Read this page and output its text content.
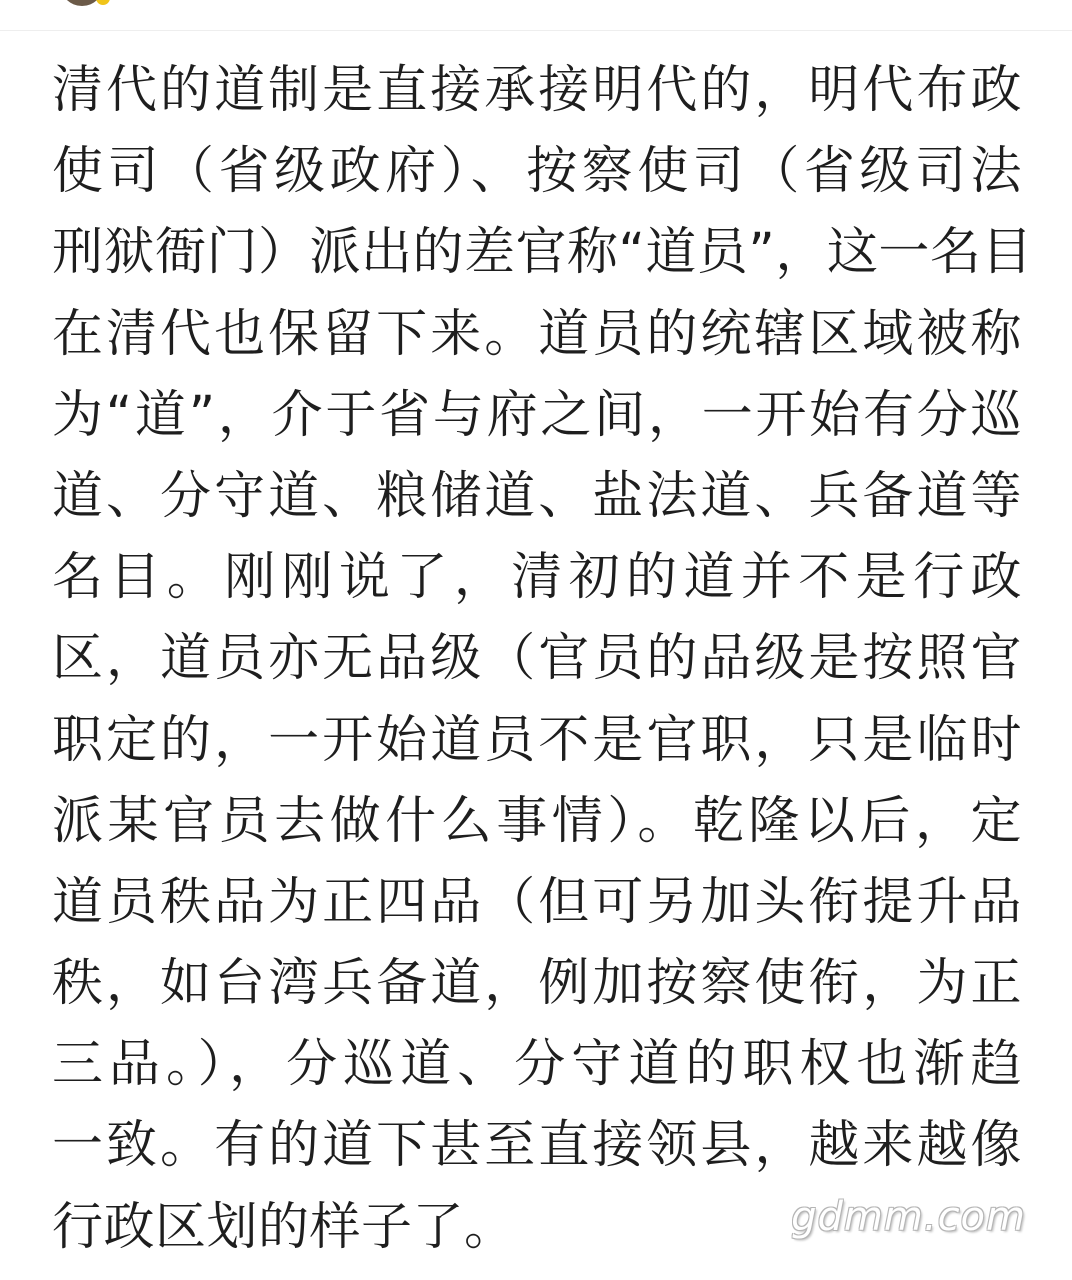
清代的道制是直接承接明代的，明代布政
使司（省级政府）、按察使司（省级司法
刑狱衙门）派出的差官称“道员”，这一名目
在清代也保留下来。道员的统辖区域被称
为“道”，介于省与府之间，一开始有分巡
道、分守道、粮储道、盐法道、兵备道等
名目。刚刚说了，清初的道并不是行政
区，道员亦无品级（官员的品级是按照官
职定的，一开始道员不是官职，只是临时
派某官员去做什么事情）。乾隆以后，定
道员秩品为正四品（但可另加头衔提升品
秩，如台湾兵备道，例加按察使衔，为正
三品。），分巡道、分守道的职权也渐趋
一致。有的道下甚至直接领县，越来越像
行政区划的样子了。	gdmm.com
